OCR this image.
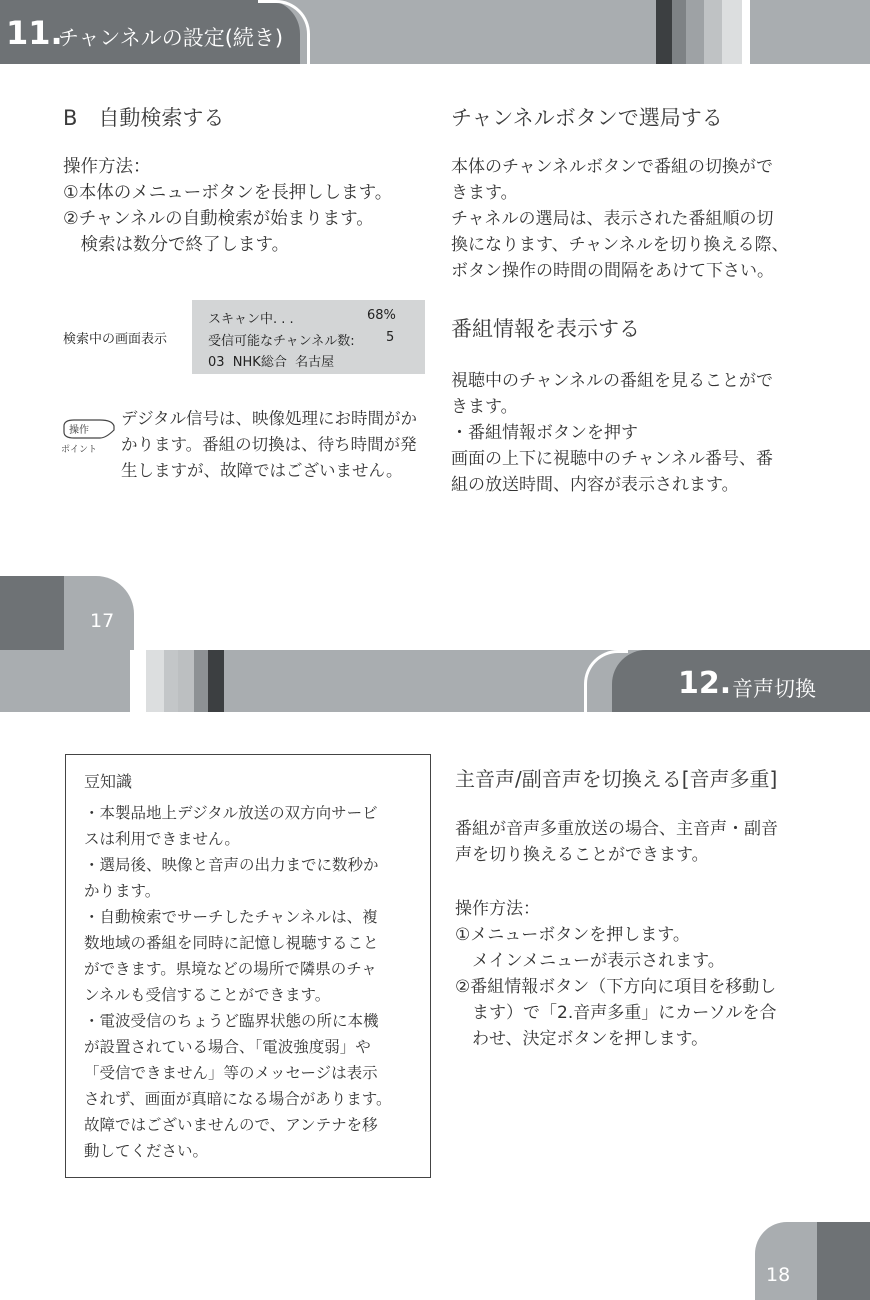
11.
チャンネルの設定(続き)
B　自動検索する
操作方法：
①本体のメニューボタンを長押しします。
②チャンネルの自動検索が始まります。
　検索は数分で終了します。
検索中の画面表示
スキャン中. . .	68%
受信可能なチャンネル数: 5
03  NHK総合  名古屋
操作
ポイント
デジタル信号は、映像処理にお時間がか
かります。番組の切換は、待ち時間が発
生しますが、故障ではございません。
チャンネルボタンで選局する
本体のチャンネルボタンで番組の切換がで
きます。
チャネルの選局は、表示された番組順の切
換になります、チャンネルを切り換える際、
ボタン操作の時間の間隔をあけて下さい。
番組情報を表示する
視聴中のチャンネルの番組を見ることがで
きます。
・番組情報ボタンを押す
画面の上下に視聴中のチャンネル番号、番
組の放送時間、内容が表示されます。
17
12. 音声切換
豆知識
・本製品地上デジタル放送の双方向サービ
スは利用できません。
・選局後、映像と音声の出力までに数秒か
かります。
・自動検索でサーチしたチャンネルは、複
数地域の番組を同時に記憶し視聴すること
ができます。県境などの場所で隣県のチャ
ンネルも受信することができます。
・電波受信のちょうど臨界状態の所に本機
が設置されている場合、「電波強度弱」や
「受信できません」等のメッセージは表示
されず、画面が真暗になる場合があります。
故障ではございませんので、アンテナを移
動してください。
主音声/副音声を切換える[音声多重]
番組が音声多重放送の場合、主音声・副音
声を切り換えることができます。
操作方法：
①メニューボタンを押します。
　メインメニューが表示されます。
②番組情報ボタン（下方向に項目を移動し
　ます）で「2.音声多重」にカーソルを合
　わせ、決定ボタンを押します。
18
